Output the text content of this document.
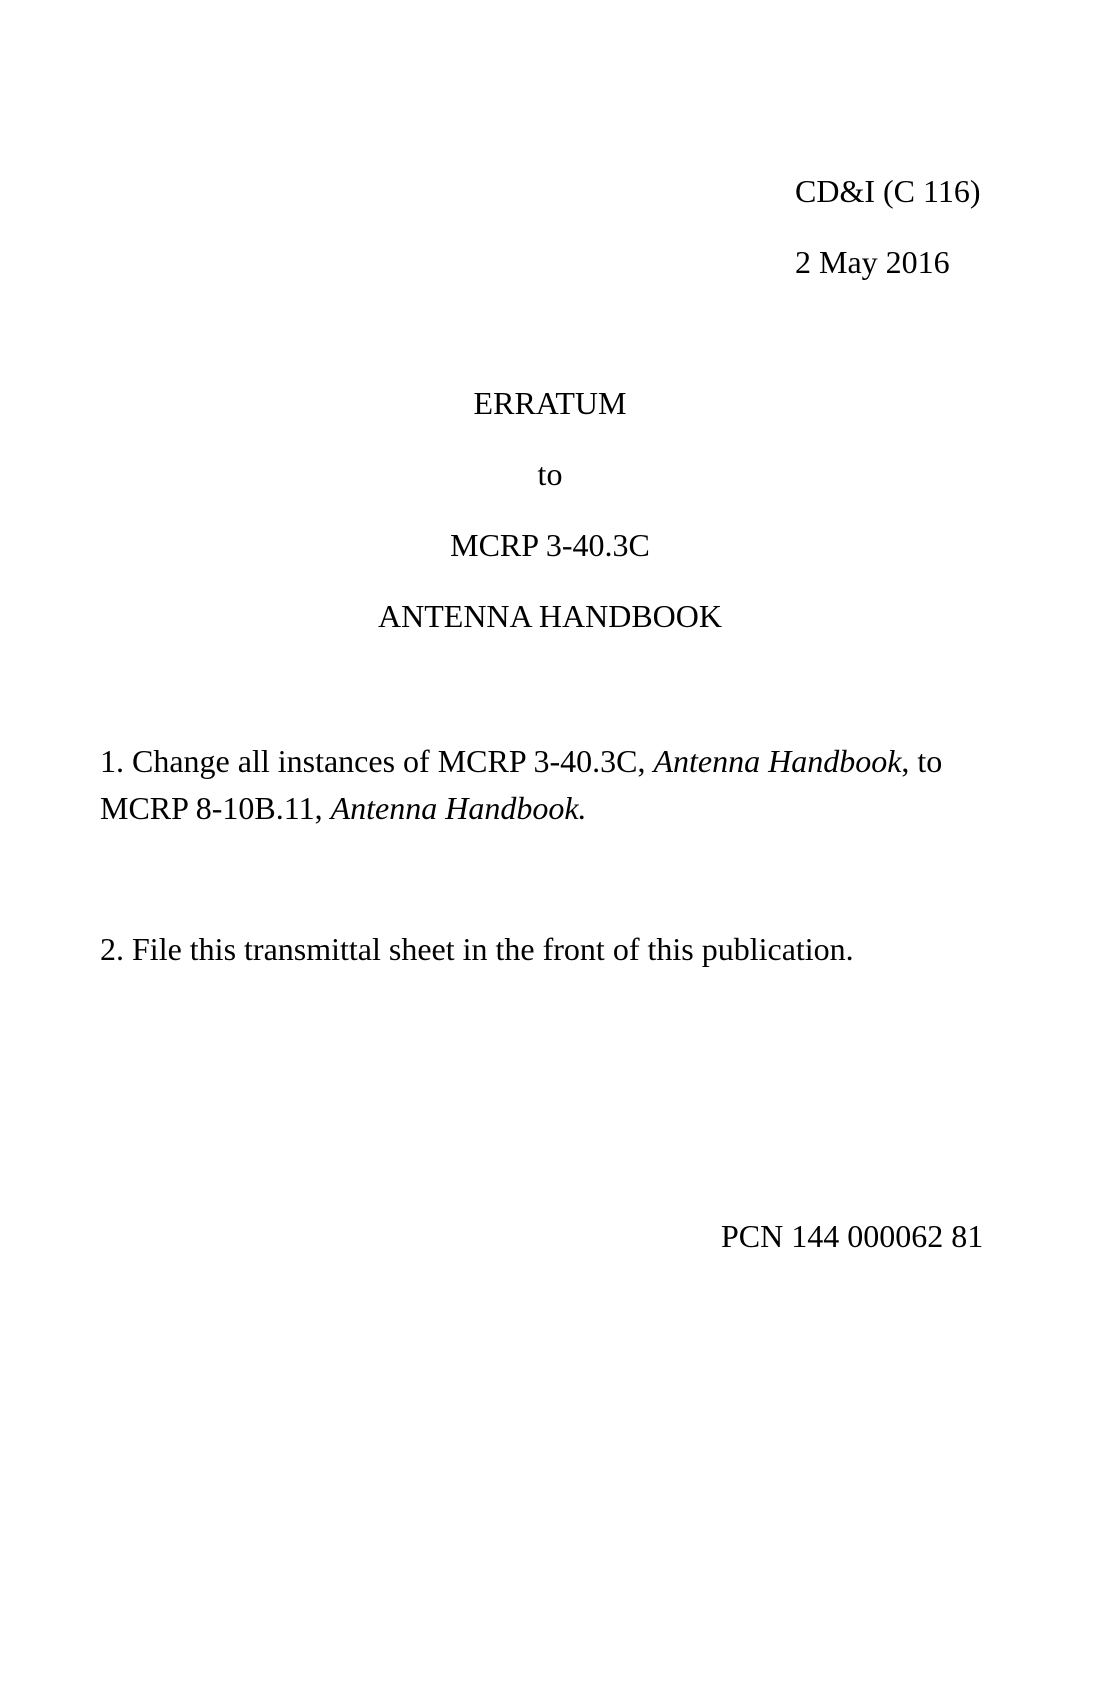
CD&I (C 116)
2 May 2016
ERRATUM
to
MCRP 3-40.3C
ANTENNA HANDBOOK
1. Change all instances of MCRP 3-40.3C, Antenna Handbook, to
MCRP 8-10B.11, Antenna Handbook.
2. File this transmittal sheet in the front of this publication.
PCN 144 000062 81
